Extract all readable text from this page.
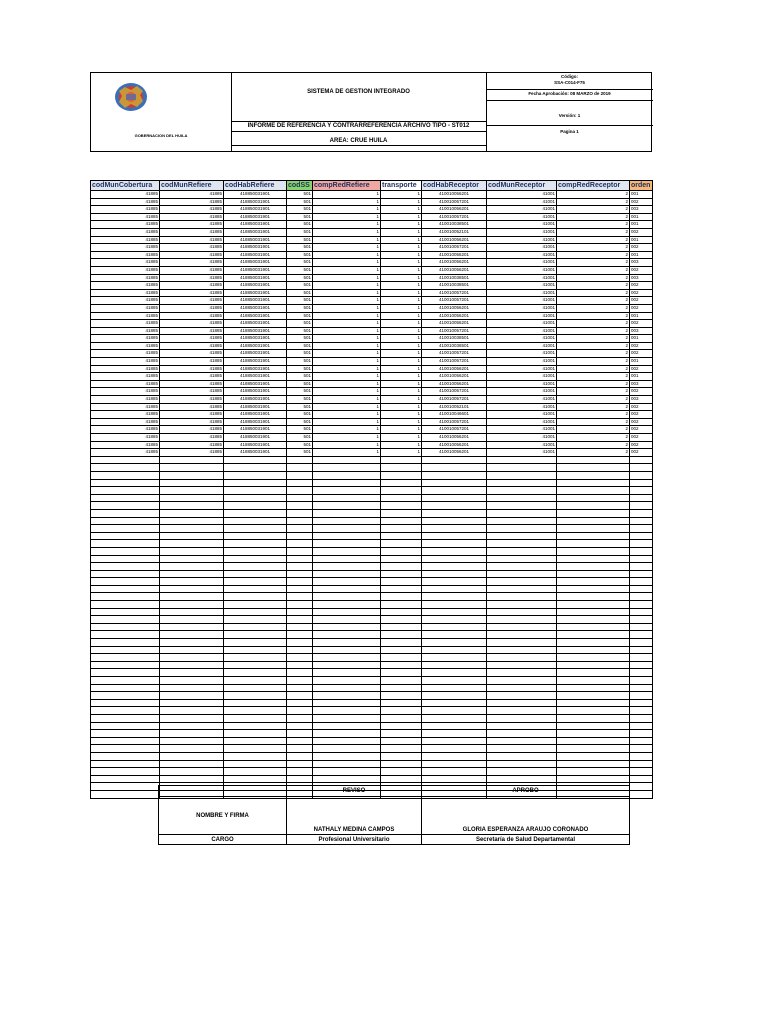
GOBERNACION DEL HUILA
SISTEMA DE GESTION INTEGRADO
INFORME DE REFERENCIA Y CONTRARREFERENCIA ARCHIVO TIPO - ST012
AREA: CRUE HUILA
Código:
SSA-C014-F75
Fecha Aprobación: 08 MARZO de 2019
Versión: 1
Pagina 1
codMunCobertura	codMunRefiere	codHabRefiere	codSS	compRedRefiere	transporte	codHabReceptor	codMunReceptor	compRedReceptor	orden
41885	41885	418850031901	501	1	1	410010056201	41001	2	001
41885	41885	418850031901	501	1	1	410010057201	41001	2	002
41885	41885	418850031901	501	1	1	410010056201	41001	2	003
41885	41885	418850031901	501	1	1	410010057201	41001	2	001
41885	41885	418850031901	501	1	1	410010038501	41001	2	001
41885	41885	418850031901	501	1	1	410010052101	41001	2	002
41885	41885	418850031901	501	1	1	410010056201	41001	2	001
41885	41885	418850031901	501	1	1	410010057201	41001	2	002
41885	41885	418850031901	501	1	1	410010056201	41001	2	001
41885	41885	418850031901	501	1	1	410010056201	41001	2	003
41885	41885	418850031901	501	1	1	410010056201	41001	2	002
41885	41885	418850031901	501	1	1	410010038501	41001	2	003
41885	41885	418850031901	501	1	1	410010038501	41001	2	002
41885	41885	418850031901	501	1	1	410010057201	41001	2	002
41885	41885	418850031901	501	1	1	410010057201	41001	2	002
41885	41885	418850031901	501	1	1	410010056201	41001	2	002
41885	41885	418850031901	501	1	1	410010056201	41001	2	001
41885	41885	418850031901	501	1	1	410010056201	41001	2	002
41885	41885	418850031901	501	1	1	410010057201	41001	2	003
41885	41885	418850031901	501	1	1	410010038501	41001	2	001
41885	41885	418850031901	501	1	1	410010038501	41001	2	002
41885	41885	418850031901	501	1	1	410010057201	41001	2	002
41885	41885	418850031901	501	1	1	410010057201	41001	2	001
41885	41885	418850031901	501	1	1	410010056201	41001	2	002
41885	41885	418850031901	501	1	1	410010056201	41001	2	001
41885	41885	418850031901	501	1	1	410010056201	41001	2	003
41885	41885	418850031901	501	1	1	410010057201	41001	2	002
41885	41885	418850031901	501	1	1	410010057201	41001	2	003
41885	41885	418850031901	501	1	1	410010052101	41001	2	002
41885	41885	418850031901	501	1	1	410010046601	41001	2	002
41885	41885	418850031901	501	1	1	410010057201	41001	2	002
41885	41885	418850031901	501	1	1	410010057201	41001	2	002
41885	41885	418850031901	501	1	1	410010056201	41001	2	002
41885	41885	418850031901	501	1	1	410010056201	41001	2	002
41885	41885	418850031901	501	1	1	410010056201	41001	2	002

	REVISO	APROBO
NOMBRE Y FIRMA	NATHALY MEDINA CAMPOS	GLORIA ESPERANZA ARAUJO CORONADO
CARGO	Profesional Universitario	Secretaría de Salud Departamental
